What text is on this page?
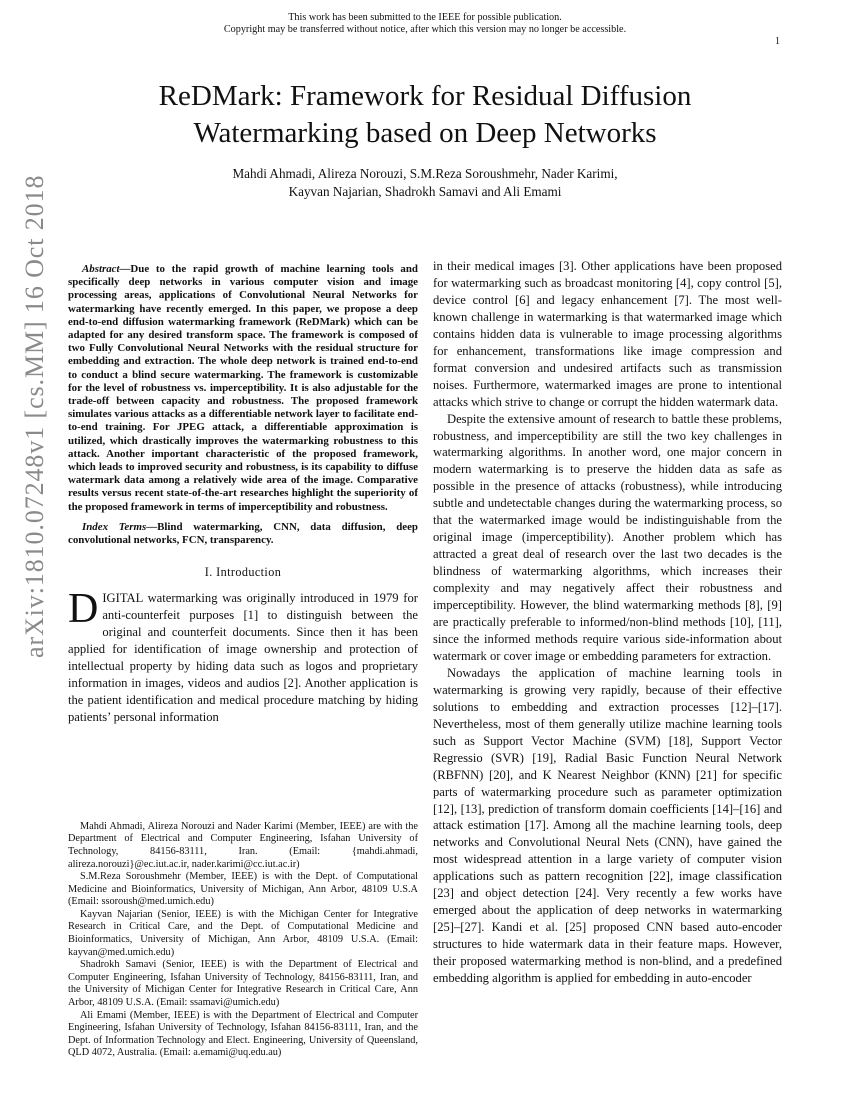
This work has been submitted to the IEEE for possible publication.
Copyright may be transferred without notice, after which this version may no longer be accessible.
1
arXiv:1810.07248v1 [cs.MM] 16 Oct 2018
ReDMark: Framework for Residual Diffusion
Watermarking based on Deep Networks
Mahdi Ahmadi, Alireza Norouzi, S.M.Reza Soroushmehr, Nader Karimi,
Kayvan Najarian, Shadrokh Samavi and Ali Emami

Abstract—Due to the rapid growth of machine learning tools and specifically deep networks in various computer vision and image processing areas, applications of Convolutional Neural Networks for watermarking have recently emerged. In this paper, we propose a deep end-to-end diffusion watermarking framework (ReDMark) which can be adapted for any desired transform space. The framework is composed of two Fully Convolutional Neural Networks with the residual structure for embedding and extraction. The whole deep network is trained end-to-end to conduct a blind secure watermarking. The framework is customizable for the level of robustness vs. imperceptibility. It is also adjustable for the trade-off between capacity and robustness. The proposed framework simulates various attacks as a differentiable network layer to facilitate end-to-end training. For JPEG attack, a differentiable approximation is utilized, which drastically improves the watermarking robustness to this attack. Another important characteristic of the proposed framework, which leads to improved security and robustness, is its capability to diffuse watermark data among a relatively wide area of the image. Comparative results versus recent state-of-the-art researches highlight the superiority of the proposed framework in terms of imperceptibility and robustness.

Index Terms—Blind watermarking, CNN, data diffusion, deep convolutional networks, FCN, transparency.

I. Introduction

DIGITAL watermarking was originally introduced in 1979 for anti-counterfeit purposes [1] to distinguish between the original and counterfeit documents. Since then it has been applied for identification of image ownership and protection of intellectual property by hiding data such as logos and proprietary information in images, videos and audios [2]. Another application is the patient identification and medical procedure matching by hiding patients’ personal information

Mahdi Ahmadi, Alireza Norouzi and Nader Karimi (Member, IEEE) are with the Department of Electrical and Computer Engineering, Isfahan University of Technology, 84156-83111, Iran. (Email: {mahdi.ahmadi, alireza.norouzi}@ec.iut.ac.ir, nader.karimi@cc.iut.ac.ir)

S.M.Reza Soroushmehr (Member, IEEE) is with the Dept. of Computational Medicine and Bioinformatics, University of Michigan, Ann Arbor, 48109 U.S.A (Email: ssoroush@med.umich.edu)

Kayvan Najarian (Senior, IEEE) is with the Michigan Center for Integrative Research in Critical Care, and the Dept. of Computational Medicine and Bioinformatics, University of Michigan, Ann Arbor, 48109 U.S.A. (Email: kayvan@med.umich.edu)

Shadrokh Samavi (Senior, IEEE) is with the Department of Electrical and Computer Engineering, Isfahan University of Technology, 84156-83111, Iran, and the University of Michigan Center for Integrative Research in Critical Care, Ann Arbor, 48109 U.S.A. (Email: ssamavi@umich.edu)

Ali Emami (Member, IEEE) is with the Department of Electrical and Computer Engineering, Isfahan University of Technology, Isfahan 84156-83111, Iran, and the Dept. of Information Technology and Elect. Engineering, University of Queensland, QLD 4072, Australia. (Email: a.emami@uq.edu.au)

in their medical images [3]. Other applications have been proposed for watermarking such as broadcast monitoring [4], copy control [5], device control [6] and legacy enhancement [7]. The most well-known challenge in watermarking is that watermarked image which contains hidden data is vulnerable to image processing algorithms for enhancement, transformations like image compression and format conversion and undesired artifacts such as transmission noises. Furthermore, watermarked images are prone to intentional attacks which strive to change or corrupt the hidden watermark data.

Despite the extensive amount of research to battle these problems, robustness, and imperceptibility are still the two key challenges in watermarking algorithms. In another word, one major concern in modern watermarking is to preserve the hidden data as safe as possible in the presence of attacks (robustness), while introducing subtle and undetectable changes during the watermarking process, so that the watermarked image would be indistinguishable from the original image (imperceptibility). Another problem which has attracted a great deal of research over the last two decades is the blindness of watermarking algorithms, which increases their complexity and may negatively affect their robustness and imperceptibility. However, the blind watermarking methods [8], [9] are practically preferable to informed/non-blind methods [10], [11], since the informed methods require various side-information about watermark or cover image or embedding parameters for extraction.

Nowadays the application of machine learning tools in watermarking is growing very rapidly, because of their effective solutions to embedding and extraction processes [12]–[17]. Nevertheless, most of them generally utilize machine learning tools such as Support Vector Machine (SVM) [18], Support Vector Regressio (SVR) [19], Radial Basic Function Neural Network (RBFNN) [20], and K Nearest Neighbor (KNN) [21] for specific parts of watermarking procedure such as parameter optimization [12], [13], prediction of transform domain coefficients [14]–[16] and attack estimation [17]. Among all the machine learning tools, deep networks and Convolutional Neural Nets (CNN), have gained the most widespread attention in a large variety of computer vision applications such as pattern recognition [22], image classification [23] and object detection [24]. Very recently a few works have emerged about the application of deep networks in watermarking [25]–[27]. Kandi et al. [25] proposed CNN based auto-encoder structures to hide watermark data in their feature maps. However, their proposed watermarking method is non-blind, and a predefined embedding algorithm is applied for embedding in auto-encoder
